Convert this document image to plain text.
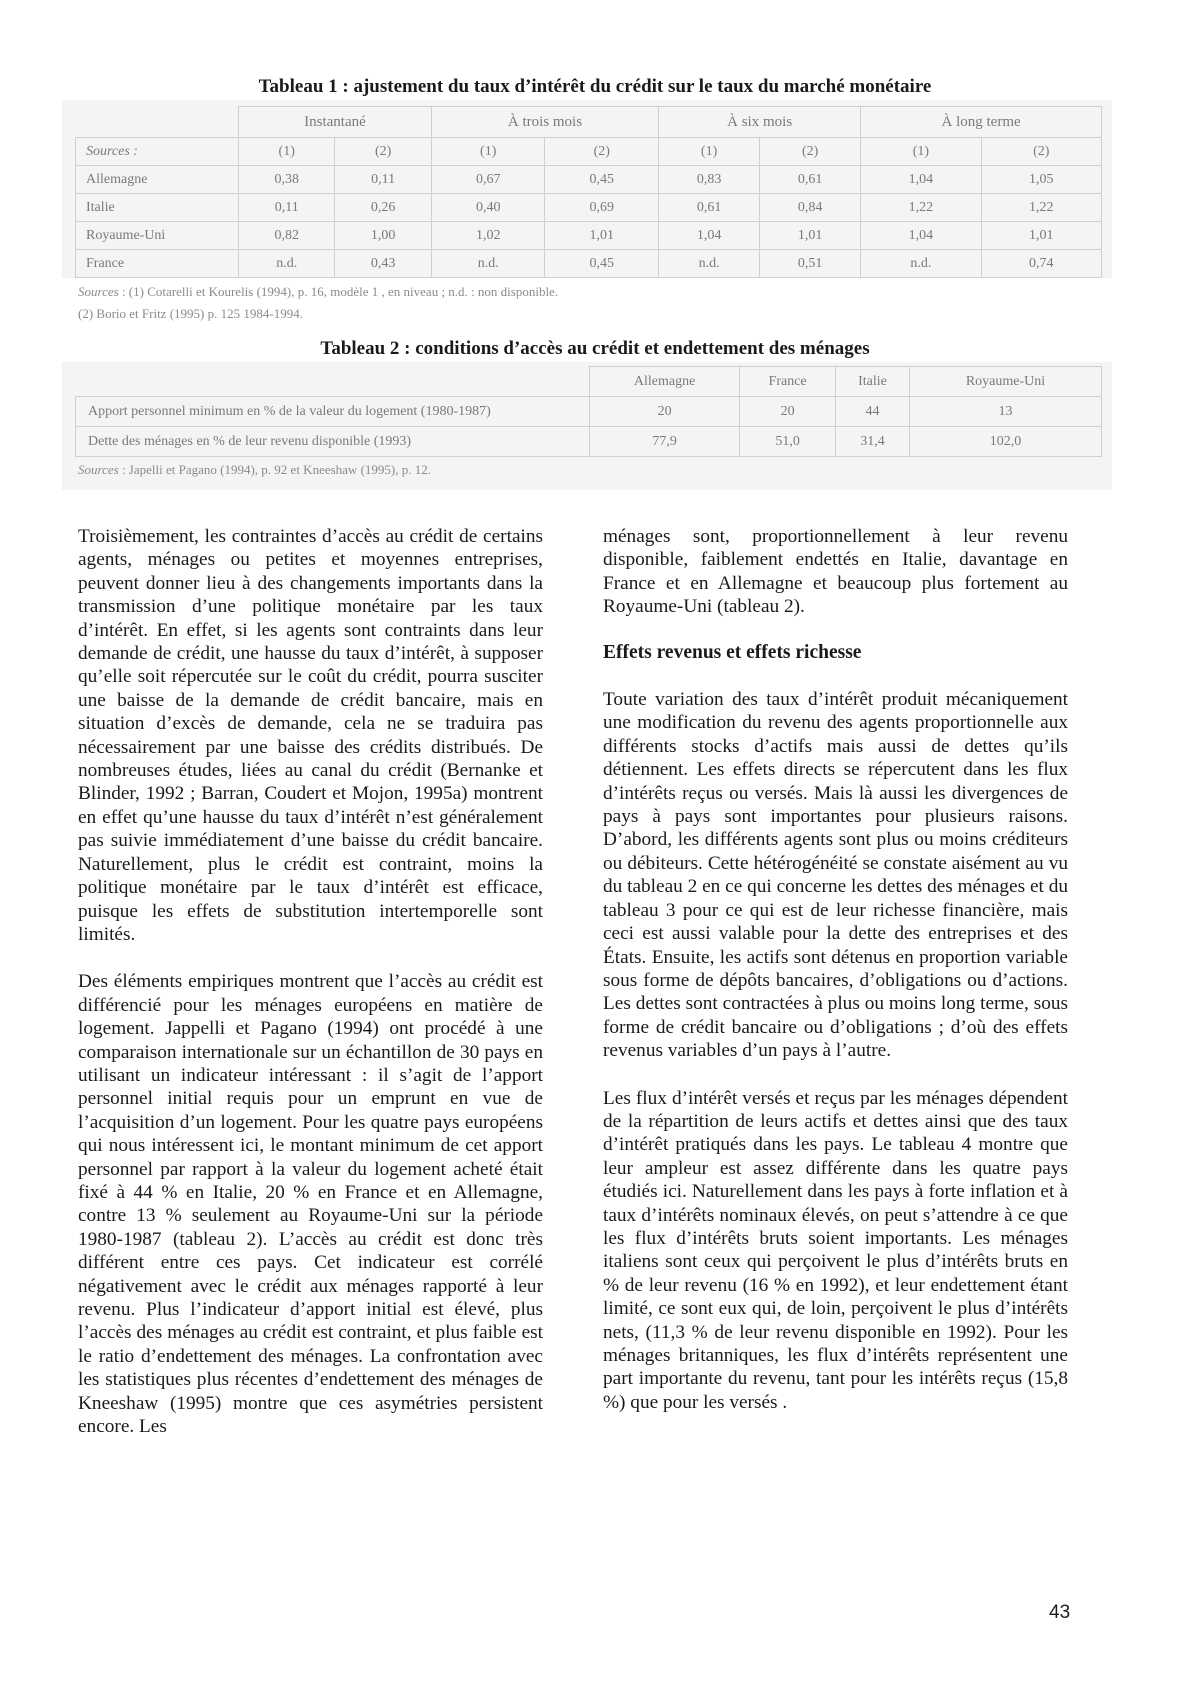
Tableau 1 : ajustement du taux d’intérêt du crédit sur le taux du marché monétaire
	Instantané		À trois mois		À six mois		À long terme	
Sources :	(1)	(2)	(1)	(2)	(1)	(2)	(1)	(2)
Allemagne	0,38	0,11	0,67	0,45	0,83	0,61	1,04	1,05
Italie	0,11	0,26	0,40	0,69	0,61	0,84	1,22	1,22
Royaume-Uni	0,82	1,00	1,02	1,01	1,04	1,01	1,04	1,01
France	n.d.	0,43	n.d.	0,45	n.d.	0,51	n.d.	0,74
Sources : (1) Cotarelli et Kourelis (1994), p. 16, modèle 1 , en niveau ; n.d. : non disponible.
(2) Borio et Fritz (1995) p. 125 1984-1994.
Tableau 2 : conditions d’accès au crédit et endettement des ménages
	Allemagne	France	Italie	Royaume-Uni
Apport personnel minimum en % de la valeur du logement (1980-1987)	20	20	44	13
Dette des ménages en % de leur revenu disponible (1993)	77,9	51,0	31,4	102,0
Sources : Japelli et Pagano (1994), p. 92 et Kneeshaw (1995), p. 12.

Troisièmement, les contraintes d’accès au crédit de certains agents, ménages ou petites et moyennes entreprises, peuvent donner lieu à des changements importants dans la transmission d’une politique monétaire par les taux d’intérêt. En effet, si les agents sont contraints dans leur demande de crédit, une hausse du taux d’intérêt, à supposer qu’elle soit répercutée sur le coût du crédit, pourra susciter une baisse de la demande de crédit bancaire, mais en situation d’excès de demande, cela ne se traduira pas nécessairement par une baisse des crédits distribués. De nombreuses études, liées au canal du crédit (Bernanke et Blinder, 1992 ; Barran, Coudert et Mojon, 1995a) montrent en effet qu’une hausse du taux d’intérêt n’est généralement pas suivie immédiatement d’une baisse du crédit bancaire. Naturellement, plus le crédit est contraint, moins la politique monétaire par le taux d’intérêt est efficace, puisque les effets de substitution intertemporelle sont limités.

Des éléments empiriques montrent que l’accès au crédit est différencié pour les ménages européens en matière de logement. Jappelli et Pagano (1994) ont procédé à une comparaison internationale sur un échantillon de 30 pays en utilisant un indicateur intéressant : il s’agit de l’apport personnel initial requis pour un emprunt en vue de l’acquisition d’un logement. Pour les quatre pays européens qui nous intéressent ici, le montant minimum de cet apport personnel par rapport à la valeur du logement acheté était fixé à 44 % en Italie, 20 % en France et en Allemagne, contre 13 % seulement au Royaume-Uni sur la période 1980-1987 (tableau 2). L’accès au crédit est donc très différent entre ces pays. Cet indicateur est corrélé négativement avec le crédit aux ménages rapporté à leur revenu. Plus l’indicateur d’apport initial est élevé, plus l’accès des ménages au crédit est contraint, et plus faible est le ratio d’endettement des ménages. La confrontation avec les statistiques plus récentes d’endettement des ménages de Kneeshaw (1995) montre que ces asymétries persistent encore. Les

ménages sont, proportionnellement à leur revenu disponible, faiblement endettés en Italie, davantage en France et en Allemagne et beaucoup plus fortement au Royaume-Uni (tableau 2).

Effets revenus et effets richesse

Toute variation des taux d’intérêt produit mécaniquement une modification du revenu des agents proportionnelle aux différents stocks d’actifs mais aussi de dettes qu’ils détiennent. Les effets directs se répercutent dans les flux d’intérêts reçus ou versés. Mais là aussi les divergences de pays à pays sont importantes pour plusieurs raisons. D’abord, les différents agents sont plus ou moins créditeurs ou débiteurs. Cette hétérogénéité se constate aisément au vu du tableau 2 en ce qui concerne les dettes des ménages et du tableau 3 pour ce qui est de leur richesse financière, mais ceci est aussi valable pour la dette des entreprises et des États. Ensuite, les actifs sont détenus en proportion variable sous forme de dépôts bancaires, d’obligations ou d’actions. Les dettes sont contractées à plus ou moins long terme, sous forme de crédit bancaire ou d’obligations ; d’où des effets revenus variables d’un pays à l’autre.

Les flux d’intérêt versés et reçus par les ménages dépendent de la répartition de leurs actifs et dettes ainsi que des taux d’intérêt pratiqués dans les pays. Le tableau 4 montre que leur ampleur est assez différente dans les quatre pays étudiés ici. Naturellement dans les pays à forte inflation et à taux d’intérêts nominaux élevés, on peut s’attendre à ce que les flux d’intérêts bruts soient importants. Les ménages italiens sont ceux qui perçoivent le plus d’intérêts bruts en % de leur revenu (16 % en 1992), et leur endettement étant limité, ce sont eux qui, de loin, perçoivent le plus d’intérêts nets, (11,3 % de leur revenu disponible en 1992). Pour les ménages britanniques, les flux d’intérêts représentent une part importante du revenu, tant pour les intérêts reçus (15,8 %) que pour les versés .

43
